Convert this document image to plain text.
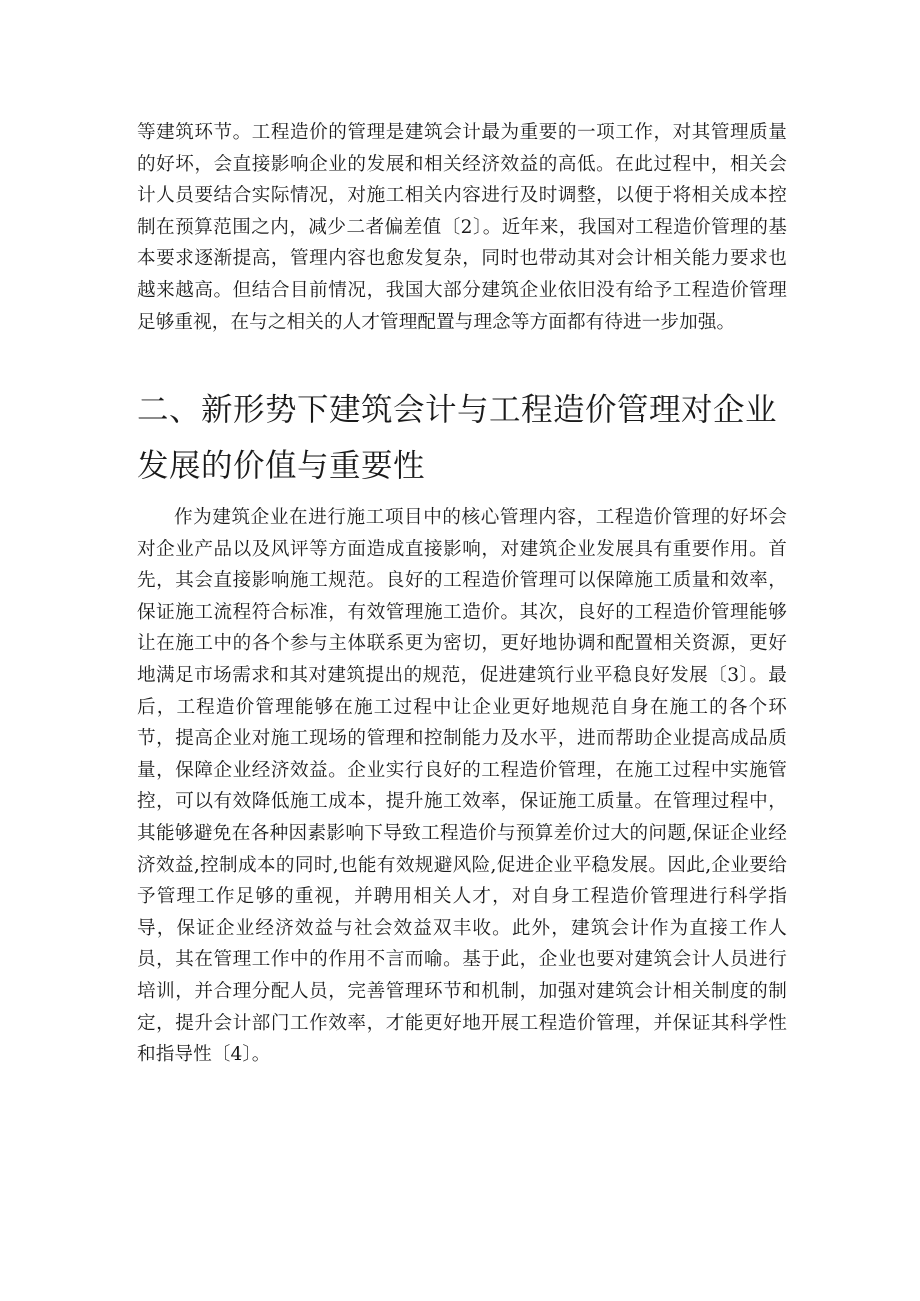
等建筑环节。工程造价的管理是建筑会计最为重要的一项工作，对其管理质量的好坏，会直接影响企业的发展和相关经济效益的高低。在此过程中，相关会计人员要结合实际情况，对施工相关内容进行及时调整，以便于将相关成本控制在预算范围之内，减少二者偏差值〔2〕。近年来，我国对工程造价管理的基本要求逐渐提高，管理内容也愈发复杂，同时也带动其对会计相关能力要求也越来越高。但结合目前情况，我国大部分建筑企业依旧没有给予工程造价管理足够重视，在与之相关的人才管理配置与理念等方面都有待进一步加强。

二、新形势下建筑会计与工程造价管理对企业发展的价值与重要性

作为建筑企业在进行施工项目中的核心管理内容，工程造价管理的好坏会对企业产品以及风评等方面造成直接影响，对建筑企业发展具有重要作用。首先，其会直接影响施工规范。良好的工程造价管理可以保障施工质量和效率，保证施工流程符合标准，有效管理施工造价。其次，良好的工程造价管理能够让在施工中的各个参与主体联系更为密切，更好地协调和配置相关资源，更好地满足市场需求和其对建筑提出的规范，促进建筑行业平稳良好发展〔3〕。最后，工程造价管理能够在施工过程中让企业更好地规范自身在施工的各个环节，提高企业对施工现场的管理和控制能力及水平，进而帮助企业提高成品质量，保障企业经济效益。企业实行良好的工程造价管理，在施工过程中实施管控，可以有效降低施工成本，提升施工效率，保证施工质量。在管理过程中，其能够避免在各种因素影响下导致工程造价与预算差价过大的问题,保证企业经济效益,控制成本的同时,也能有效规避风险,促进企业平稳发展。因此,企业要给予管理工作足够的重视，并聘用相关人才，对自身工程造价管理进行科学指导，保证企业经济效益与社会效益双丰收。此外，建筑会计作为直接工作人员，其在管理工作中的作用不言而喻。基于此，企业也要对建筑会计人员进行培训，并合理分配人员，完善管理环节和机制，加强对建筑会计相关制度的制定，提升会计部门工作效率，才能更好地开展工程造价管理，并保证其科学性和指导性〔4〕。
